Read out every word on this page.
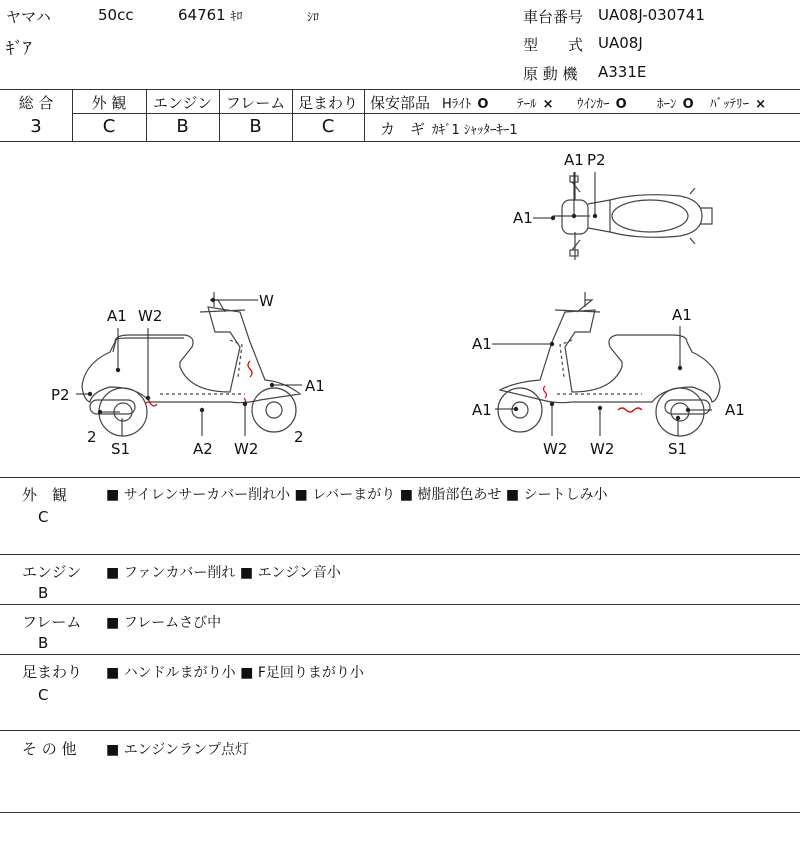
ヤマハ	50cc	64761 ｷﾛ	ｼﾛ
ｷﾞｱ
車台番号 UA08J-030741
型　　式 UA08J
原 動 機 A331E
総 合
3
外 観
C
エンジン
B
フレーム
B
足まわり
C
保安部品 Hﾗｲﾄ O ﾃｰﾙ × ｳｲﾝｶｰ O ﾎｰﾝ O ﾊﾞｯﾃﾘｰ ×
カ　ギ ｶｷﾞ1 ｼｬｯﾀｰｷｰ1
A1 P2
A1
W
A1 W2
A1
P2
2
S1	A2 W2
2
A1
A1
A1	A1
W2 W2	S1
外　観
C
■ サイレンサーカバー削れ小 ■ レバーまがり ■ 樹脂部色あせ ■ シートしみ小
エンジン
B
■ ファンカバー削れ ■ エンジン音小
フレーム
B
■ フレームさび中
足まわり
C
■ ハンドルまがり小 ■ F足回りまがり小
そ の 他 ■ エンジンランプ点灯
